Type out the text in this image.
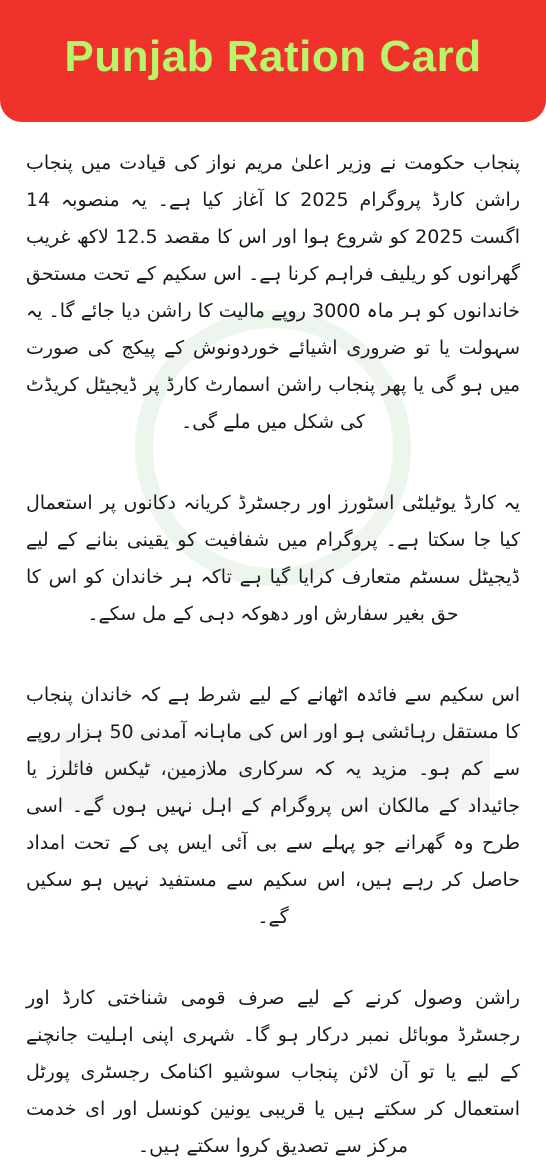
Punjab Ration Card

پنجاب حکومت نے وزیر اعلیٰ مریم نواز کی قیادت میں پنجاب راشن کارڈ پروگرام 2025 کا آغاز کیا ہے۔ یہ منصوبہ 14 اگست 2025 کو شروع ہوا اور اس کا مقصد 12.5 لاکھ غریب گھرانوں کو ریلیف فراہم کرنا ہے۔ اس سکیم کے تحت مستحق خاندانوں کو ہر ماہ 3000 روپے مالیت کا راشن دیا جائے گا۔ یہ سہولت یا تو ضروری اشیائے خوردونوش کے پیکج کی صورت میں ہو گی یا پھر پنجاب راشن اسمارٹ کارڈ پر ڈیجیٹل کریڈٹ کی شکل میں ملے گی۔

یہ کارڈ یوٹیلٹی اسٹورز اور رجسٹرڈ کریانہ دکانوں پر استعمال کیا جا سکتا ہے۔ پروگرام میں شفافیت کو یقینی بنانے کے لیے ڈیجیٹل سسٹم متعارف کرایا گیا ہے تاکہ ہر خاندان کو اس کا حق بغیر سفارش اور دھوکہ دہی کے مل سکے۔

اس سکیم سے فائدہ اٹھانے کے لیے شرط ہے کہ خاندان پنجاب کا مستقل رہائشی ہو اور اس کی ماہانہ آمدنی 50 ہزار روپے سے کم ہو۔ مزید یہ کہ سرکاری ملازمین، ٹیکس فائلرز یا جائیداد کے مالکان اس پروگرام کے اہل نہیں ہوں گے۔ اسی طرح وہ گھرانے جو پہلے سے بی آئی ایس پی کے تحت امداد حاصل کر رہے ہیں، اس سکیم سے مستفید نہیں ہو سکیں گے۔

راشن وصول کرنے کے لیے صرف قومی شناختی کارڈ اور رجسٹرڈ موبائل نمبر درکار ہو گا۔ شہری اپنی اہلیت جانچنے کے لیے یا تو آن لائن پنجاب سوشیو اکنامک رجسٹری پورٹل استعمال کر سکتے ہیں یا قریبی یونین کونسل اور ای خدمت مرکز سے تصدیق کروا سکتے ہیں۔
